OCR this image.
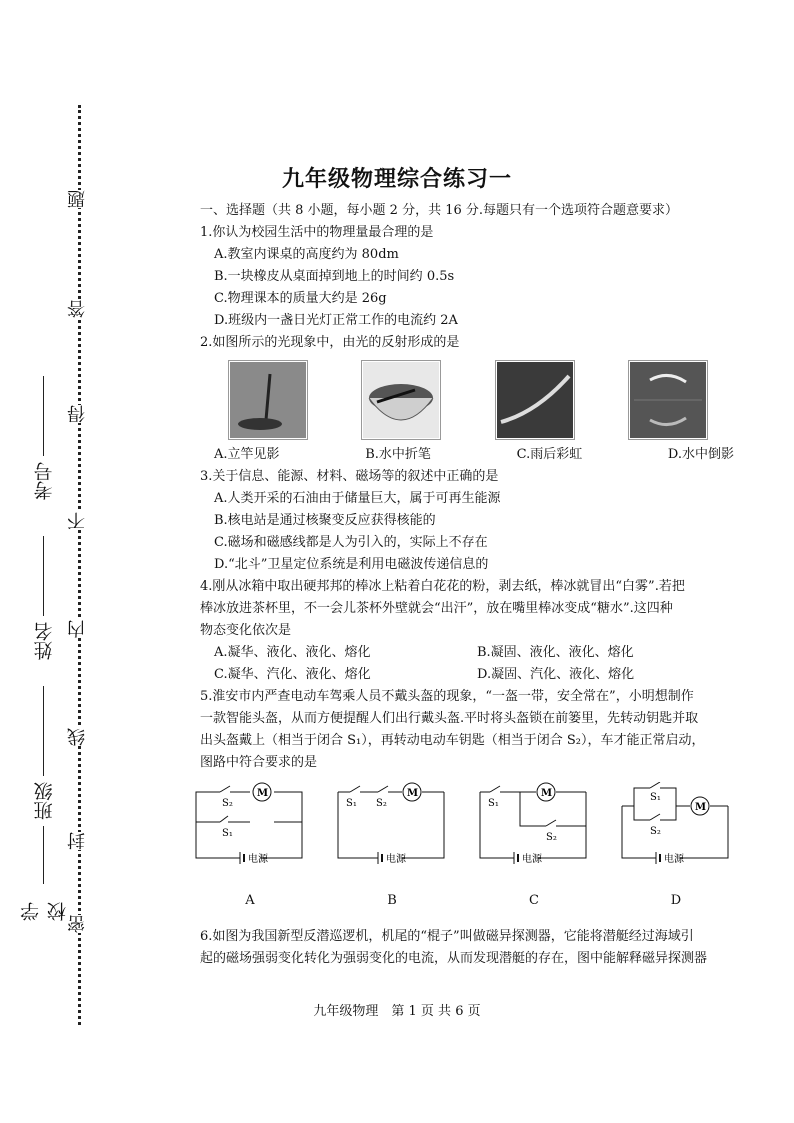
题
答
得
不
内
线
封
密
考号
姓名
班级
学校
九年级物理综合练习一
一、选择题（共 8 小题，每小题 2 分，共 16 分.每题只有一个选项符合题意要求）
1.你认为校园生活中的物理量最合理的是
A.教室内课桌的高度约为 80dm
B.一块橡皮从桌面掉到地上的时间约 0.5s
C.物理课本的质量大约是 26g
D.班级内一盏日光灯正常工作的电流约 2A
2.如图所示的光现象中，由光的反射形成的是
A.立竿见影	B.水中折笔	C.雨后彩虹	D.水中倒影
3.关于信息、能源、材料、磁场等的叙述中正确的是
A.人类开采的石油由于储量巨大，属于可再生能源
B.核电站是通过核聚变反应获得核能的
C.磁场和磁感线都是人为引入的，实际上不存在
D.“北斗”卫星定位系统是利用电磁波传递信息的
4.刚从冰箱中取出硬邦邦的棒冰上粘着白花花的粉，剥去纸，棒冰就冒出“白雾”.若把
棒冰放进茶杯里，不一会儿茶杯外壁就会“出汗”，放在嘴里棒冰变成“糖水”.这四种
物态变化依次是
A.凝华、液化、液化、熔化	B.凝固、液化、液化、熔化
C.凝华、汽化、液化、熔化	D.凝固、汽化、液化、熔化
5.淮安市内严查电动车驾乘人员不戴头盔的现象，“一盔一带，安全常在”，小明想制作
一款智能头盔，从而方便提醒人们出行戴头盔.平时将头盔锁在前篓里，先转动钥匙并取
出头盔戴上（相当于闭合 S₁），再转动电动车钥匙（相当于闭合 S₂），车才能正常启动，
图路中符合要求的是
S₁
S₂
M
电源
A
S₁ S₂
M
电源
B
S₁
S₂
M
电源
C
S₁
S₂
M
电源
D
6.如图为我国新型反潜巡逻机，机尾的“棍子”叫做磁异探测器，它能将潜艇经过海域引
起的磁场强弱变化转化为强弱变化的电流，从而发现潜艇的存在，图中能解释磁异探测器
九年级物理　第 1 页 共 6 页
